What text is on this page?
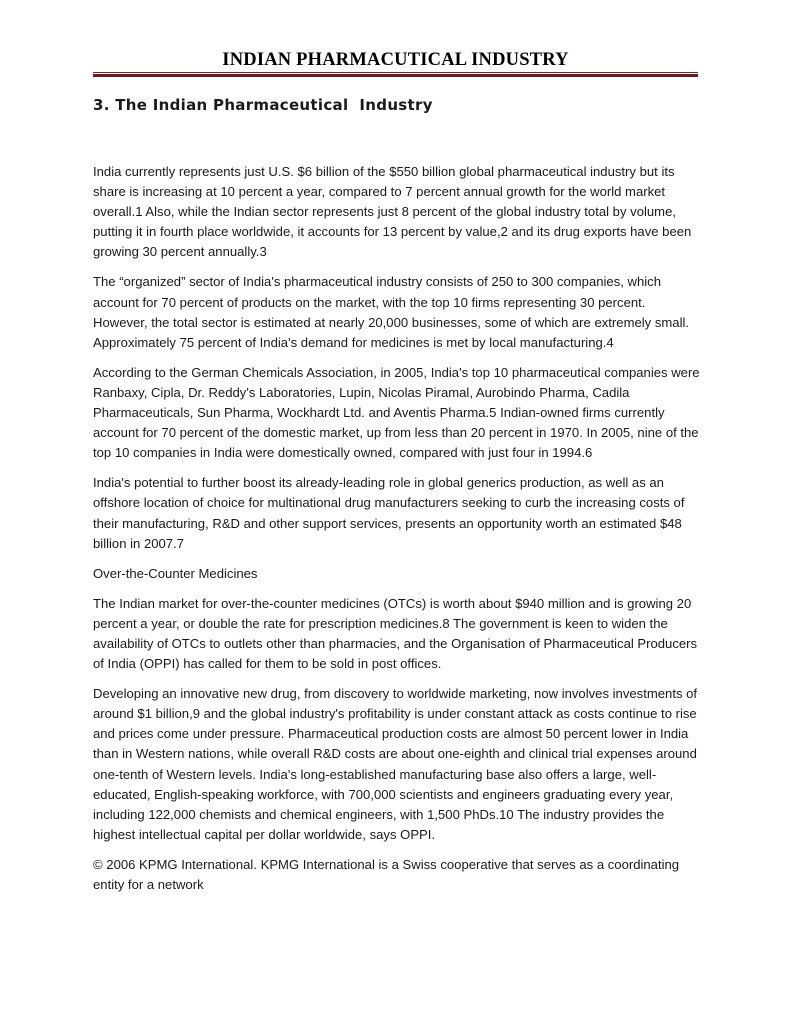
INDIAN PHARMACUTICAL INDUSTRY
3. The Indian Pharmaceutical  Industry

India currently represents just U.S. $6 billion of the $550 billion global pharmaceutical industry but its share is increasing at 10 percent a year, compared to 7 percent annual growth for the world market overall.1 Also, while the Indian sector represents just 8 percent of the global industry total by volume, putting it in fourth place worldwide, it accounts for 13 percent by value,2 and its drug exports have been growing 30 percent annually.3

The “organized” sector of India's pharmaceutical industry consists of 250 to 300 companies, which account for 70 percent of products on the market, with the top 10 firms representing 30 percent. However, the total sector is estimated at nearly 20,000 businesses, some of which are extremely small. Approximately 75 percent of India's demand for medicines is met by local manufacturing.4

According to the German Chemicals Association, in 2005, India's top 10 pharmaceutical companies were Ranbaxy, Cipla, Dr. Reddy's Laboratories, Lupin, Nicolas Piramal, Aurobindo Pharma, Cadila Pharmaceuticals, Sun Pharma, Wockhardt Ltd. and Aventis Pharma.5 Indian-owned firms currently account for 70 percent of the domestic market, up from less than 20 percent in 1970. In 2005, nine of the top 10 companies in India were domestically owned, compared with just four in 1994.6

India's potential to further boost its already-leading role in global generics production, as well as an offshore location of choice for multinational drug manufacturers seeking to curb the increasing costs of their manufacturing, R&D and other support services, presents an opportunity worth an estimated $48 billion in 2007.7

Over-the-Counter Medicines

The Indian market for over-the-counter medicines (OTCs) is worth about $940 million and is growing 20 percent a year, or double the rate for prescription medicines.8 The government is keen to widen the availability of OTCs to outlets other than pharmacies, and the Organisation of Pharmaceutical Producers of India (OPPI) has called for them to be sold in post offices.

Developing an innovative new drug, from discovery to worldwide marketing, now involves investments of around $1 billion,9 and the global industry's profitability is under constant attack as costs continue to rise and prices come under pressure. Pharmaceutical production costs are almost 50 percent lower in India than in Western nations, while overall R&D costs are about one-eighth and clinical trial expenses around one-tenth of Western levels. India's long-established manufacturing base also offers a large, well-educated, English-speaking workforce, with 700,000 scientists and engineers graduating every year, including 122,000 chemists and chemical engineers, with 1,500 PhDs.10 The industry provides the highest intellectual capital per dollar worldwide, says OPPI.

© 2006 KPMG International. KPMG International is a Swiss cooperative that serves as a coordinating entity for a network
